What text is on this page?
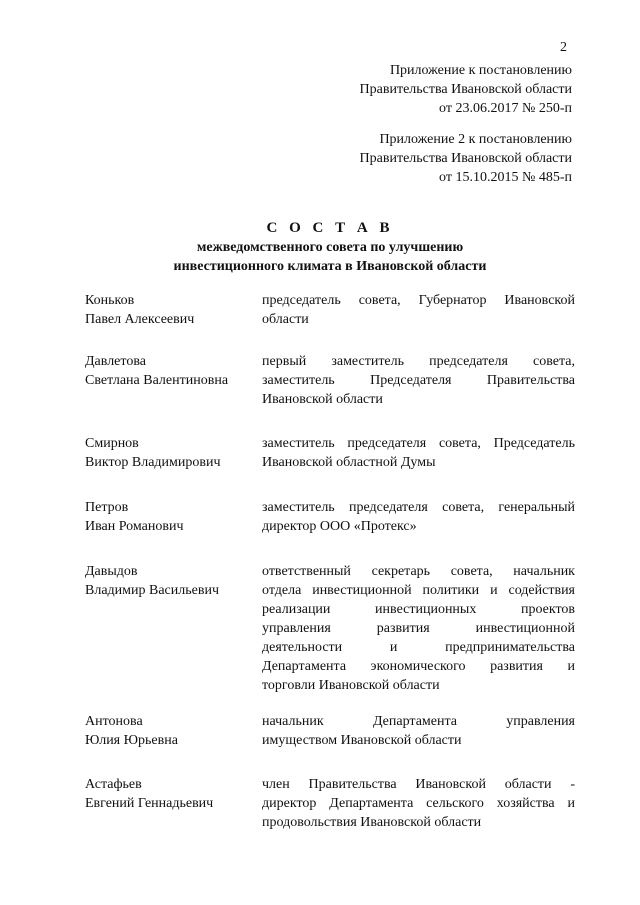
2
Приложение к постановлению
Правительства Ивановской области
от 23.06.2017 № 250-п
Приложение 2 к постановлению
Правительства Ивановской области
от 15.10.2015 № 485-п
С О С Т А В
межведомственного совета по улучшению
инвестиционного климата в Ивановской области
Коньков
Павел Алексеевич
председатель совета, Губернатор Ивановской
области
Давлетова
Светлана Валентиновна
первый заместитель председателя совета,
заместитель Председателя Правительства
Ивановской области
Смирнов
Виктор Владимирович
заместитель председателя совета, Председатель
Ивановской областной Думы
Петров
Иван Романович
заместитель председателя совета, генеральный
директор ООО «Протекс»
Давыдов
Владимир Васильевич
ответственный секретарь совета, начальник
отдела инвестиционной политики и содействия
реализации инвестиционных проектов
управления развития инвестиционной
деятельности и предпринимательства
Департамента экономического развития и
торговли Ивановской области
Антонова
Юлия Юрьевна
начальник Департамента управления
имуществом Ивановской области
Астафьев
Евгений Геннадьевич
член Правительства Ивановской области -
директор Департамента сельского хозяйства и
продовольствия Ивановской области
